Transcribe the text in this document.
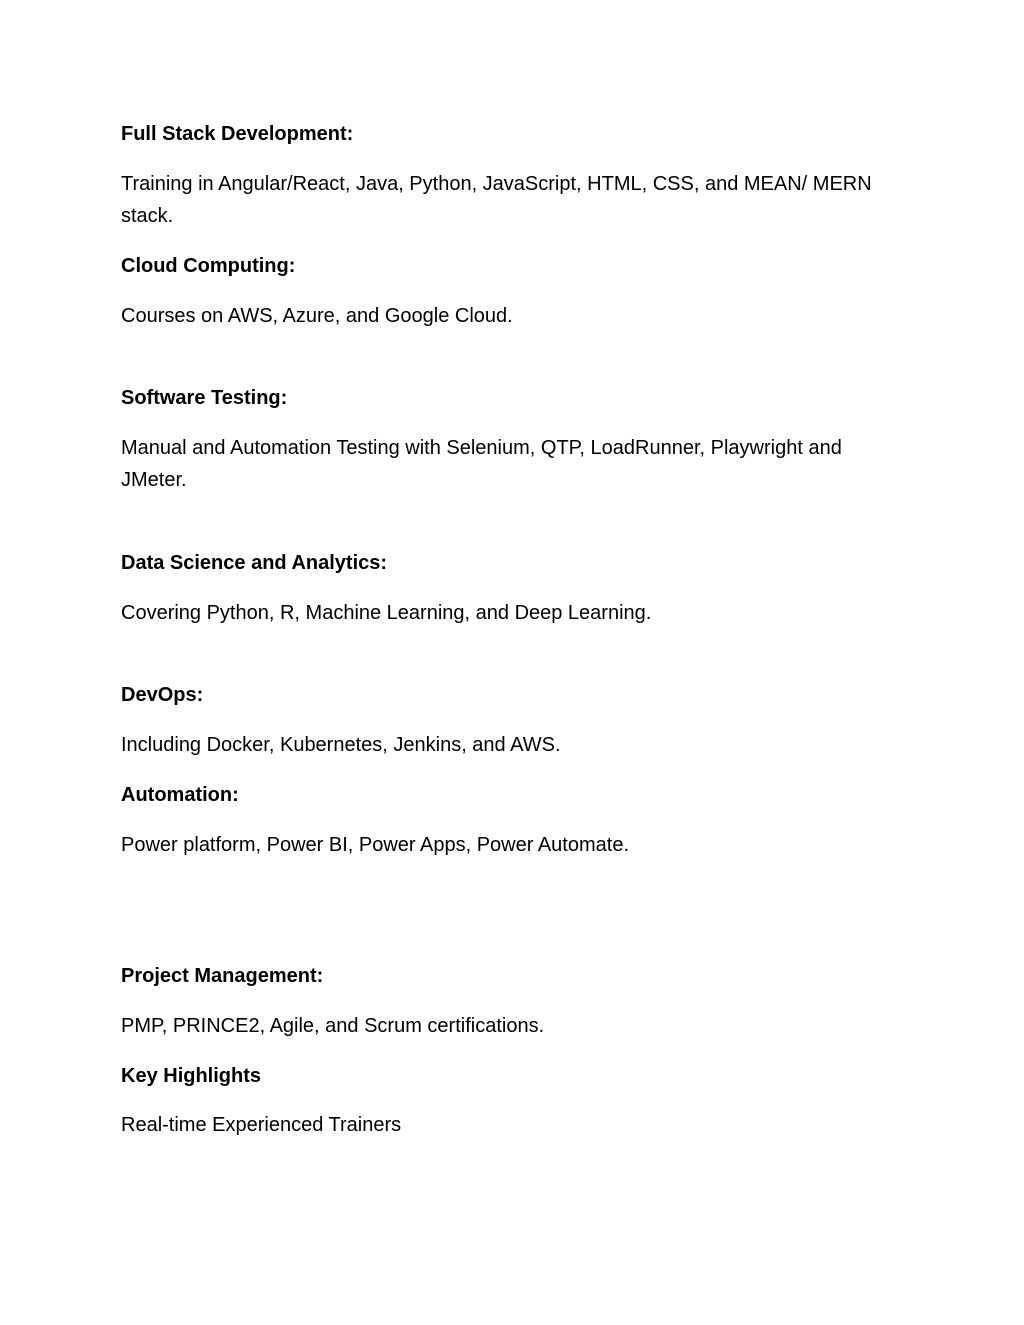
Full Stack Development:
Training in Angular/React, Java, Python, JavaScript, HTML, CSS, and MEAN/ MERN
stack.
Cloud Computing:
Courses on AWS, Azure, and Google Cloud.
Software Testing:
Manual and Automation Testing with Selenium, QTP, LoadRunner, Playwright and
JMeter.
Data Science and Analytics:
Covering Python, R, Machine Learning, and Deep Learning.
DevOps:
Including Docker, Kubernetes, Jenkins, and AWS.
Automation:
Power platform, Power BI, Power Apps, Power Automate.
Project Management:
PMP, PRINCE2, Agile, and Scrum certifications.
Key Highlights
Real-time Experienced Trainers
